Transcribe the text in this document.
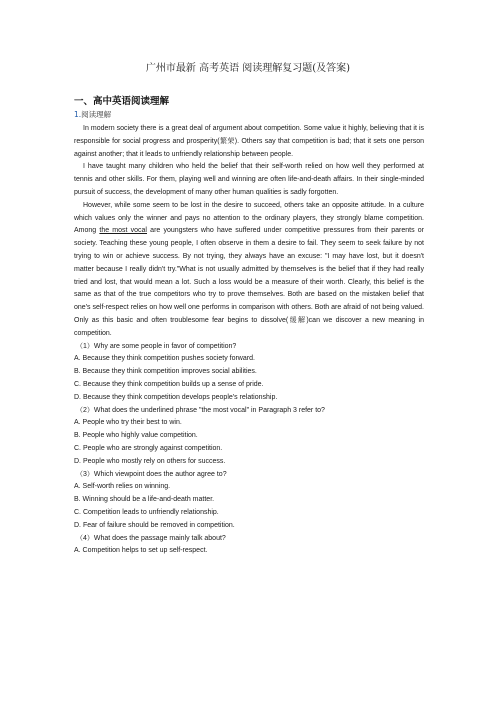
广州市最新 高考英语 阅读理解复习题(及答案)
一、高中英语阅读理解
1.阅读理解

In modern society there is a great deal of argument about competition. Some value it highly, believing that it is responsible for social progress and prosperity(繁荣). Others say that competition is bad; that it sets one person against another; that it leads to unfriendly relationship between people.

I have taught many children who held the belief that their self-worth relied on how well they performed at tennis and other skills. For them, playing well and winning are often life-and-death affairs. In their single-minded pursuit of success, the development of many other human qualities is sadly forgotten.

However, while some seem to be lost in the desire to succeed, others take an opposite attitude. In a culture which values only the winner and pays no attention to the ordinary players, they strongly blame competition. Among the most vocal are youngsters who have suffered under competitive pressures from their parents or society. Teaching these young people, I often observe in them a desire to fail. They seem to seek failure by not trying to win or achieve success. By not trying, they always have an excuse: "I may have lost, but it doesn't matter because I really didn't try."What is not usually admitted by themselves is the belief that if they had really tried and lost, that would mean a lot. Such a loss would be a measure of their worth. Clearly, this belief is the same as that of the true competitors who try to prove themselves. Both are based on the mistaken belief that one's self-respect relies on how well one performs in comparison with others. Both are afraid of not being valued. Only as this basic and often troublesome fear begins to dissolve(缓解)can we discover a new meaning in competition.

（1）Why are some people in favor of competition?

A. Because they think competition pushes society forward.

B. Because they think competition improves social abilities.

C. Because they think competition builds up a sense of pride.

D. Because they think competition develops people's relationship.

（2）What does the underlined phrase "the most vocal" in Paragraph 3 refer to?

A. People who try their best to win.

B. People who highly value competition.

C. People who are strongly against competition.

D. People who mostly rely on others for success.

（3）Which viewpoint does the author agree to?

A. Self-worth relies on winning.

B. Winning should be a life-and-death matter.

C. Competition leads to unfriendly relationship.

D. Fear of failure should be removed in competition.

（4）What does the passage mainly talk about?

A. Competition helps to set up self-respect.
